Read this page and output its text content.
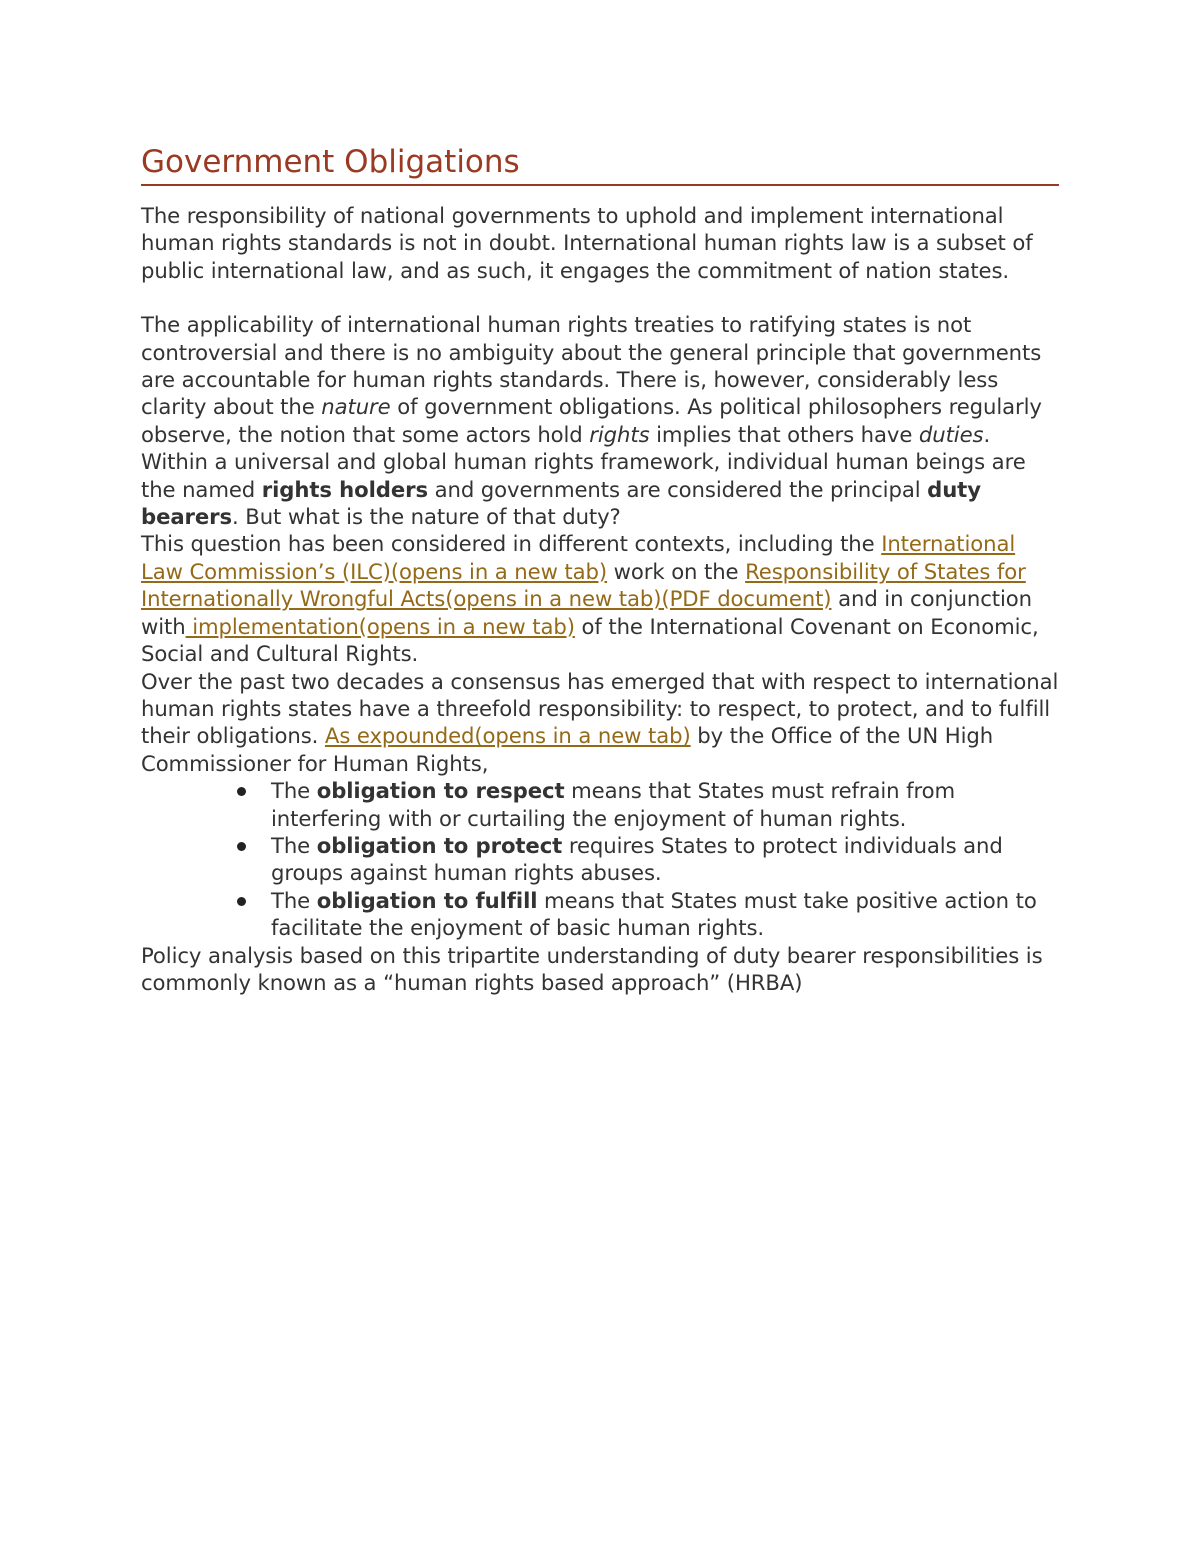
Government Obligations

The responsibility of national governments to uphold and implement international human rights standards is not in doubt. International human rights law is a subset of public international law, and as such, it engages the commitment of nation states.

The applicability of international human rights treaties to ratifying states is not controversial and there is no ambiguity about the general principle that governments are accountable for human rights standards. There is, however, considerably less clarity about the nature of government obligations. As political philosophers regularly observe, the notion that some actors hold rights implies that others have duties. Within a universal and global human rights framework, individual human beings are the named rights holders and governments are considered the principal duty bearers. But what is the nature of that duty?

This question has been considered in different contexts, including the International Law Commission’s (ILC)(opens in a new tab) work on the Responsibility of States for Internationally Wrongful Acts(opens in a new tab)(PDF document) and in conjunction with implementation(opens in a new tab) of the International Covenant on Economic, Social and Cultural Rights.

Over the past two decades a consensus has emerged that with respect to international human rights states have a threefold responsibility: to respect, to protect, and to fulfill their obligations. As expounded(opens in a new tab) by the Office of the UN High Commissioner for Human Rights,

The obligation to respect means that States must refrain from interfering with or curtailing the enjoyment of human rights.
The obligation to protect requires States to protect individuals and groups against human rights abuses.
The obligation to fulfill means that States must take positive action to facilitate the enjoyment of basic human rights.

Policy analysis based on this tripartite understanding of duty bearer responsibilities is commonly known as a “human rights based approach” (HRBA)
